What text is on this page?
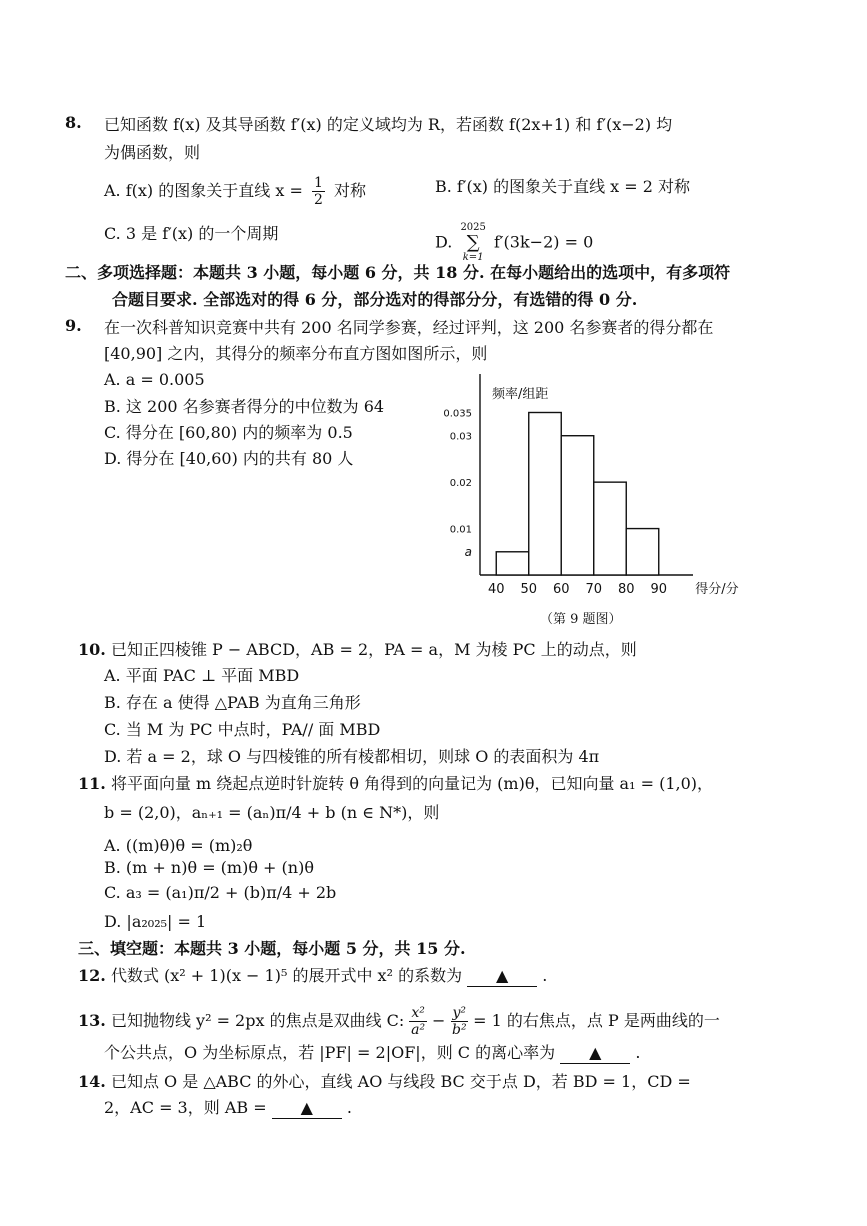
8. 已知函数 f(x) 及其导函数 f′(x) 的定义域均为 R，若函数 f(2x+1) 和 f′(x−2) 均
为偶函数，则
A. f(x) 的图象关于直线 $x = \frac{1}{2}$ 对称	B. f′(x) 的图象关于直线 x = 2 对称
C. 3 是 f′(x) 的一个周期	D.
2025
∑
k=1
f′(3k−2) = 0
二、多项选择题：本题共 3 小题，每小题 6 分，共 18 分. 在每小题给出的选项中，有多项符
合题目要求. 全部选对的得 6 分，部分选对的得部分分，有选错的得 0 分.
9. 在一次科普知识竞赛中共有 200 名同学参赛，经过评判，这 200 名参赛者的得分都在
[40,90] 之内，其得分的频率分布直方图如图所示，则
A. a = 0.005
B. 这 200 名参赛者得分的中位数为 64
C. 得分在 [60,80) 内的频率为 0.5
D. 得分在 [40,60) 内的共有 80 人
40 50 60 70 80 90 得分/分
a
0.01
0.02
0.03
0.035
频率/组距
（第 9 题图）
10. 已知正四棱锥 P − ABCD，AB = 2，PA = a，M 为棱 PC 上的动点，则
A. 平面 PAC ⊥ 平面 MBD
B. 存在 a 使得 △PAB 为直角三角形
C. 当 M 为 PC 中点时，PA// 面 MBD
D. 若 a = 2，球 O 与四棱锥的所有棱都相切，则球 O 的表面积为 4π
11. 将平面向量 m 绕起点逆时针旋转 θ 角得到的向量记为 (m)θ，已知向量 a₁ = (1,0)，
b = (2,0)，aₙ₊₁ = (aₙ)π/4 + b (n ∈ N*)，则
A. ((m)θ)θ = (m)₂θ
B. (m + n)θ = (m)θ + (n)θ
C. a₃ = (a₁)π/2 + (b)π/4 + 2b
D. |a₂₀₂₅| = 1
三、填空题：本题共 3 小题，每小题 5 分，共 15 分.
12. 代数式 (x² + 1)(x − 1)⁵ 的展开式中 x² 的系数为 ▲ .
13. 已知抛物线 y² = 2px 的焦点是双曲线 C: $\frac{\text{x²}}{\text{a²}} - \frac{\text{y²}}{\text{b²}} = 1$ 的右焦点，点 P 是两曲线的一
个公共点，O 为坐标原点，若 |PF| = 2|OF|，则 C 的离心率为 ▲ .
14. 已知点 O 是 △ABC 的外心，直线 AO 与线段 BC 交于点 D，若 BD = 1，CD =
2，AC = 3，则 AB = ▲ .
